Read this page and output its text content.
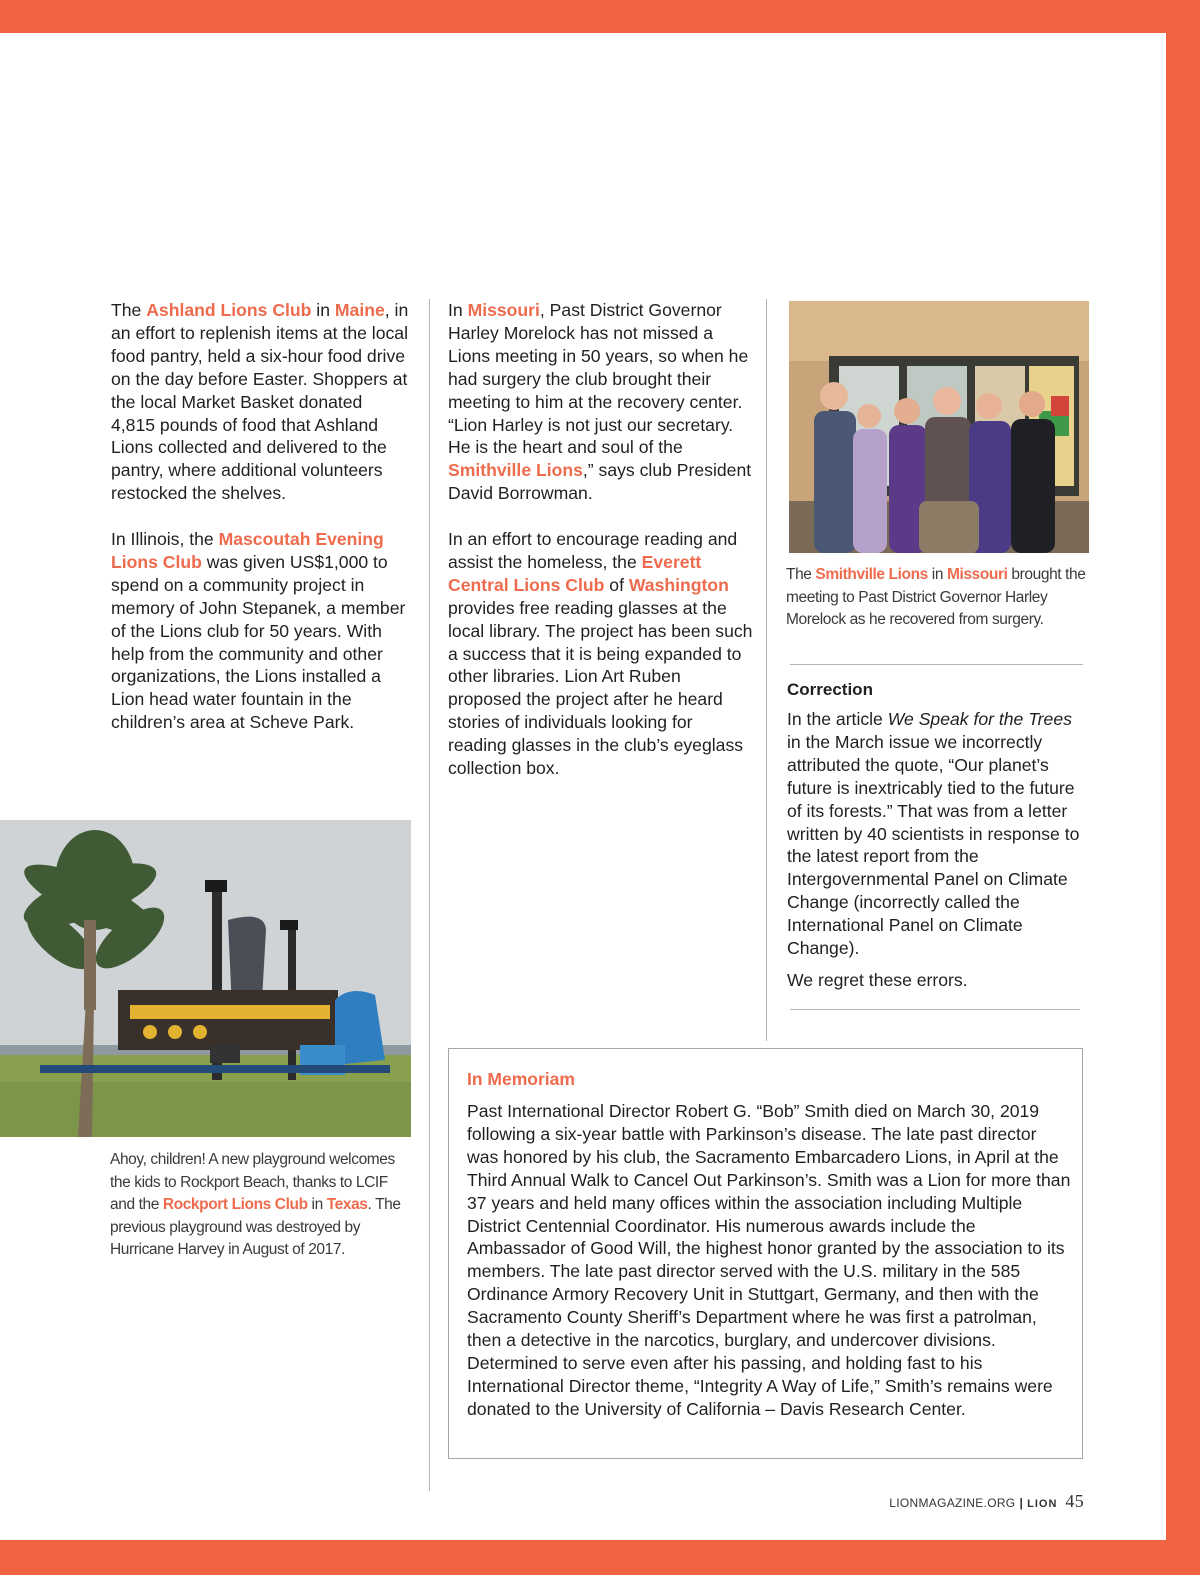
The Ashland Lions Club in Maine, in an effort to replenish items at the local food pantry, held a six-hour food drive on the day before Easter. Shoppers at the local Market Basket donated 4,815 pounds of food that Ashland Lions collected and delivered to the pantry, where additional volunteers restocked the shelves.

In Illinois, the Mascoutah Evening Lions Club was given US$1,000 to spend on a community project in memory of John Stepanek, a member of the Lions club for 50 years. With help from the community and other organizations, the Lions installed a Lion head water fountain in the children’s area at Scheve Park.

In Missouri, Past District Governor Harley Morelock has not missed a Lions meeting in 50 years, so when he had surgery the club brought their meeting to him at the recovery center. “Lion Harley is not just our secretary. He is the heart and soul of the Smithville Lions,” says club President David Borrowman.

In an effort to encourage reading and assist the homeless, the Everett Central Lions Club of Washington provides free reading glasses at the local library. The project has been such a success that it is being expanded to other libraries. Lion Art Ruben proposed the project after he heard stories of individuals looking for reading glasses in the club’s eyeglass collection box.

The Smithville Lions in Missouri brought the meeting to Past District Governor Harley Morelock as he recovered from surgery.

Correction

In the article We Speak for the Trees in the March issue we incorrectly attributed the quote, “Our planet’s future is inextricably tied to the future of its forests.” That was from a letter written by 40 scientists in response to the latest report from the Intergovernmental Panel on Climate Change (incorrectly called the International Panel on Climate Change).

We regret these errors.

Ahoy, children! A new playground welcomes the kids to Rockport Beach, thanks to LCIF and the Rockport Lions Club in Texas. The previous playground was destroyed by Hurricane Harvey in August of 2017.
In Memoriam

Past International Director Robert G. “Bob” Smith died on March 30, 2019 following a six-year battle with Parkinson’s disease. The late past director was honored by his club, the Sacramento Embarcadero Lions, in April at the Third Annual Walk to Cancel Out Parkinson’s. Smith was a Lion for more than 37 years and held many offices within the association including Multiple District Centennial Coordinator. His numerous awards include the Ambassador of Good Will, the highest honor granted by the association to its members. The late past director served with the U.S. military in the 585 Ordinance Armory Recovery Unit in Stuttgart, Germany, and then with the Sacramento County Sheriff’s Department where he was first a patrolman, then a detective in the narcotics, burglary, and undercover divisions. Determined to serve even after his passing, and holding fast to his International Director theme, “Integrity A Way of Life,” Smith’s remains were donated to the University of California – Davis Research Center.

LIONMAGAZINE.ORG | LION 45
